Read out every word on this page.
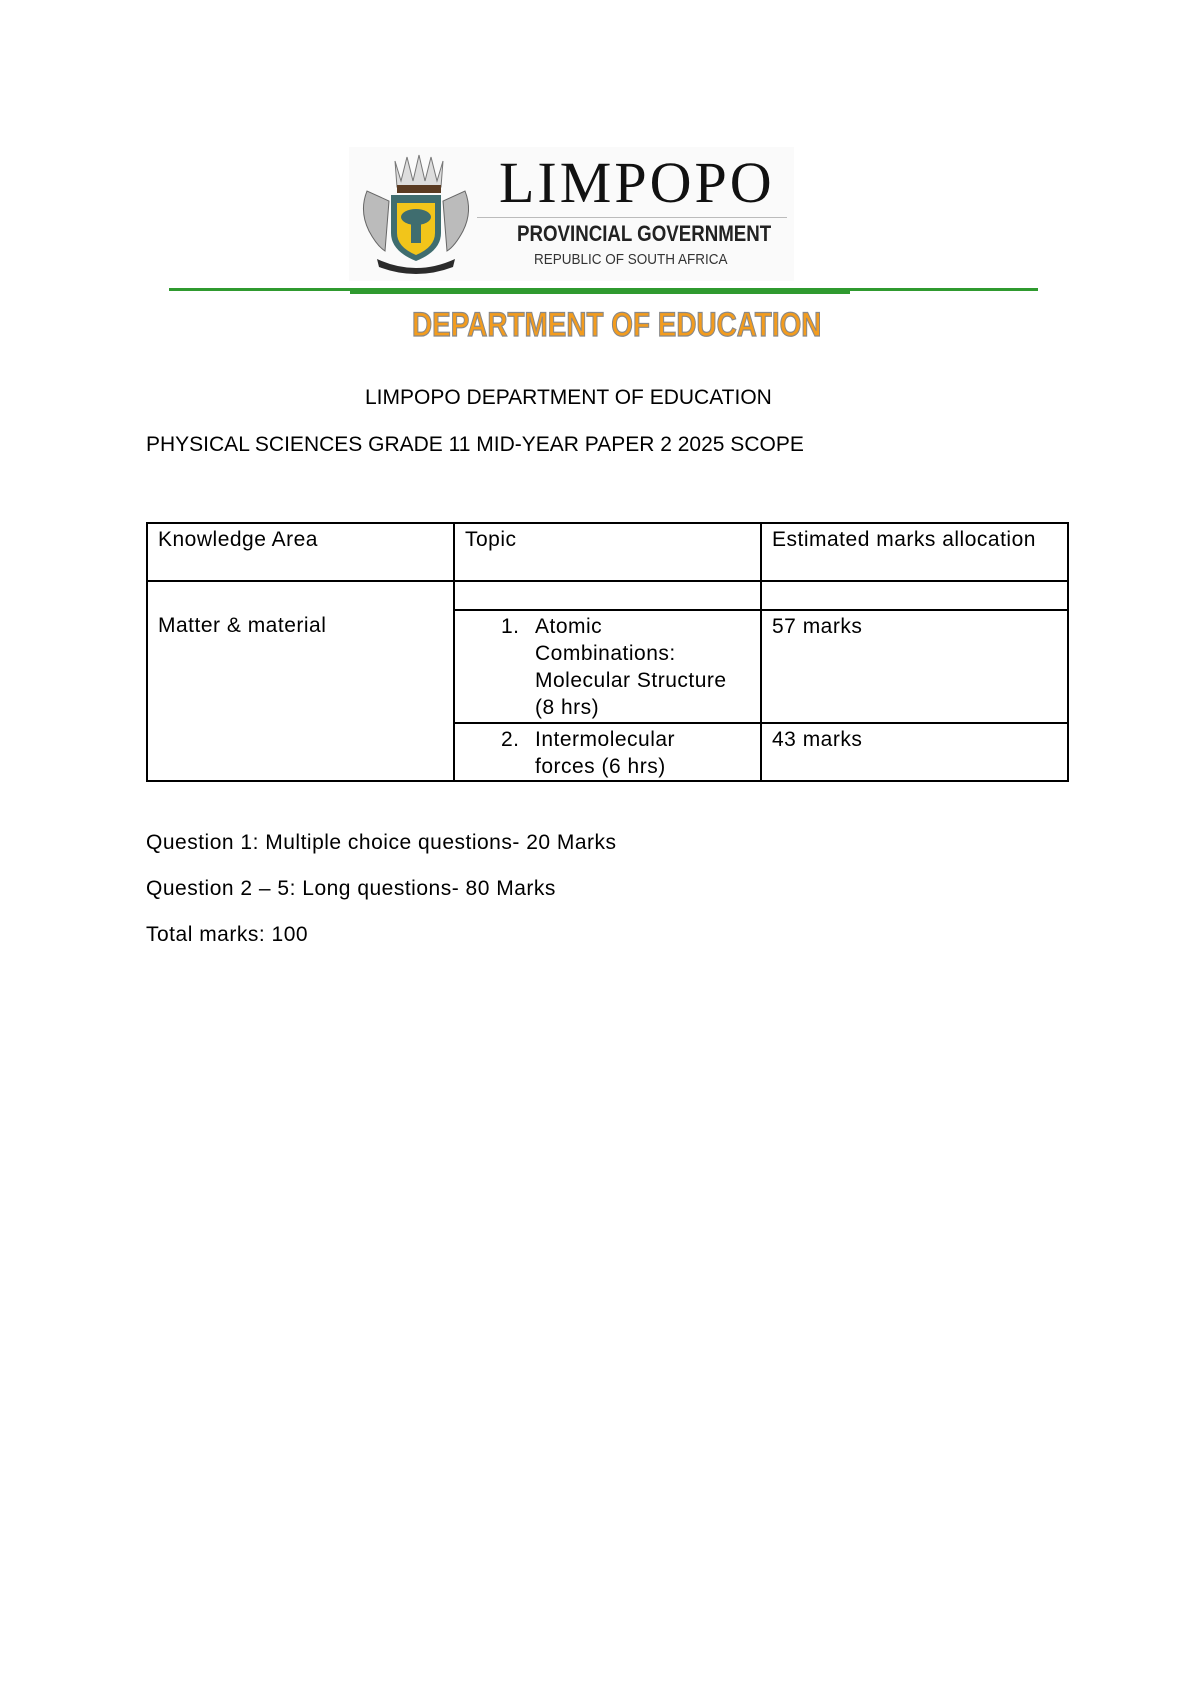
LIMPOPO
PROVINCIAL GOVERNMENT
REPUBLIC OF SOUTH AFRICA
DEPARTMENT OF EDUCATION
LIMPOPO DEPARTMENT OF EDUCATION
PHYSICAL SCIENCES GRADE 11 MID-YEAR PAPER 2 2025 SCOPE
Knowledge Area	Topic	Estimated marks allocation
Matter & material		
	1. Atomic Combinations: Molecular Structure (8 hrs)	57 marks
	2. Intermolecular forces (6 hrs)	43 marks
Question 1: Multiple choice questions- 20 Marks
Question 2 – 5: Long questions- 80 Marks
Total marks: 100
